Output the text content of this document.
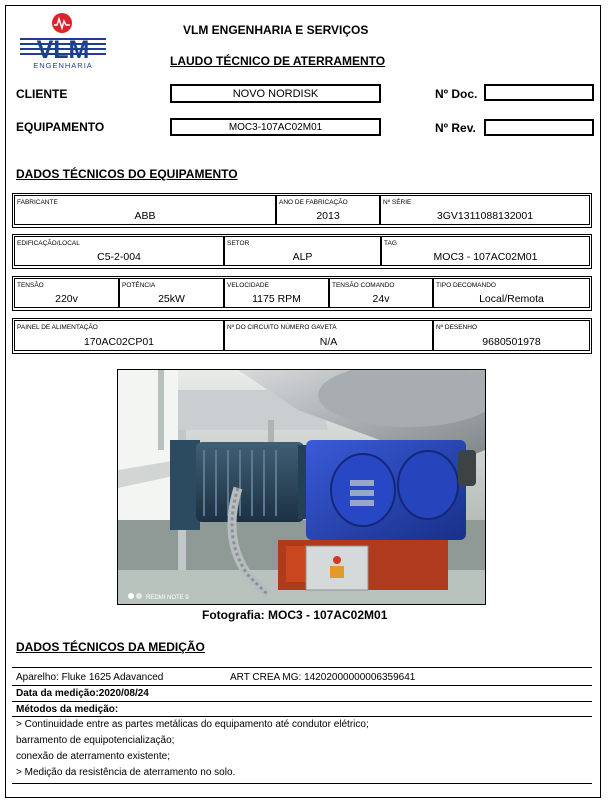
VLM
ENGENHARIA
VLM ENGENHARIA E SERVIÇOS
LAUDO TÉCNICO DE ATERRAMENTO
CLIENTE	NOVO NORDISK	Nº Doc.
EQUIPAMENTO	MOC3-107AC02M01	Nº Rev.
DADOS TÉCNICOS DO EQUIPAMENTO
FABRICANTE
ABB
ANO DE FABRICAÇÃO
2013
Nº SÉRIE
3GV1311088132001
EDIFICAÇÃO/LOCAL
C5-2-004
SETOR
ALP
TAG
MOC3 - 107AC02M01
TENSÃO
220v
POTÊNCIA
25kW
VELOCIDADE
1175 RPM
TENSÃO COMANDO
24v
TIPO DECOMANDO
Local/Remota
PAINEL DE ALIMENTAÇÃO
170AC02CP01
Nº DO CIRCUITO NÚMERO GAVETA
N/A
Nº DESENHO
9680501978
REDMI NOTE 9
Fotografia: MOC3 - 107AC02M01
DADOS TÉCNICOS DA MEDIÇÃO
Aparelho: Fluke 1625 Adavanced	ART CREA MG: 14202000000006359641
Data da medição:2020/08/24
Métodos da medição:
> Continuidade entre as partes metálicas do equipamento até condutor elétrico;
barramento de equipotencialização;
conexão de aterramento existente;
> Medição da resistência de aterramento no solo.
